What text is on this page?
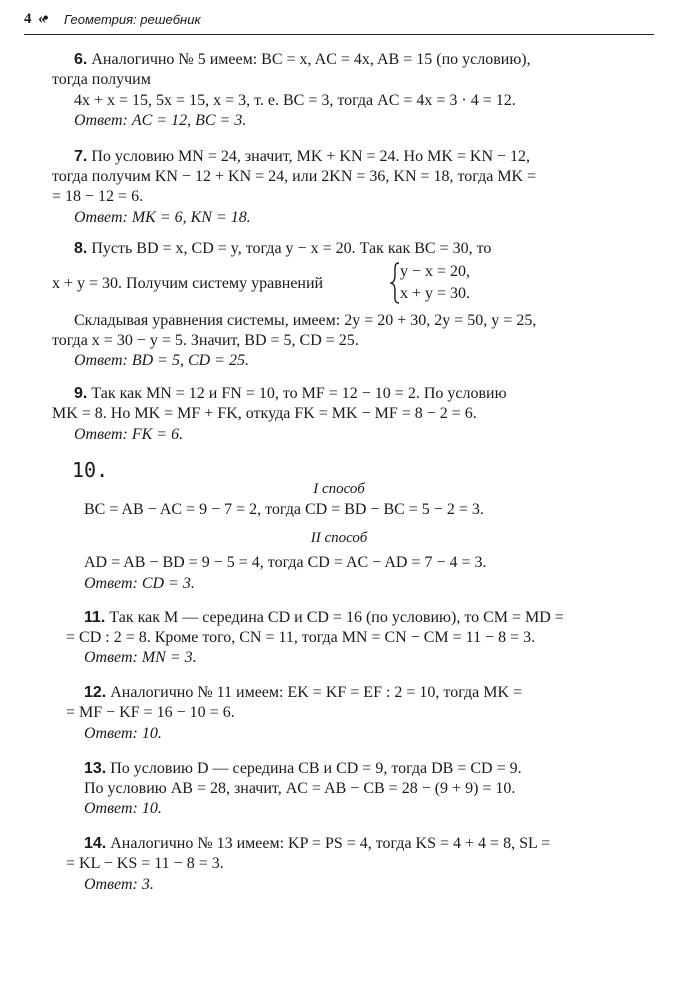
4 «• Геометрия: решебник
6. Аналогично № 5 имеем: BC = x, AC = 4x, AB = 15 (по условию),
тогда получим
4x + x = 15, 5x = 15, x = 3, т. е. BC = 3, тогда AC = 4x = 3 · 4 = 12.
Ответ: AC = 12, BC = 3.
7. По условию MN = 24, значит, MK + KN = 24. Но MK = KN − 12,
тогда получим KN − 12 + KN = 24, или 2KN = 36, KN = 18, тогда MK =
= 18 − 12 = 6.
Ответ: MK = 6, KN = 18.
8. Пусть BD = x, CD = y, тогда y − x = 20. Так как BC = 30, то
x + y = 30. Получим систему уравнений
y − x = 20,
x + y = 30.
Складывая уравнения системы, имеем: 2y = 20 + 30, 2y = 50, y = 25,
тогда x = 30 − y = 5. Значит, BD = 5, CD = 25.
Ответ: BD = 5, CD = 25.
9. Так как MN = 12 и FN = 10, то MF = 12 − 10 = 2. По условию
MK = 8. Но MK = MF + FK, откуда FK = MK − MF = 8 − 2 = 6.
Ответ: FK = 6.
10.
I способ
BC = AB − AC = 9 − 7 = 2, тогда CD = BD − BC = 5 − 2 = 3.
II способ
AD = AB − BD = 9 − 5 = 4, тогда CD = AC − AD = 7 − 4 = 3.
Ответ: CD = 3.
11. Так как M — середина CD и CD = 16 (по условию), то CM = MD =
= CD : 2 = 8. Кроме того, CN = 11, тогда MN = CN − CM = 11 − 8 = 3.
Ответ: MN = 3.
12. Аналогично № 11 имеем: EK = KF = EF : 2 = 10, тогда MK =
= MF − KF = 16 − 10 = 6.
Ответ: 10.
13. По условию D — середина CB и CD = 9, тогда DB = CD = 9.
По условию AB = 28, значит, AC = AB − CB = 28 − (9 + 9) = 10.
Ответ: 10.
14. Аналогично № 13 имеем: KP = PS = 4, тогда KS = 4 + 4 = 8, SL =
= KL − KS = 11 − 8 = 3.
Ответ: 3.
